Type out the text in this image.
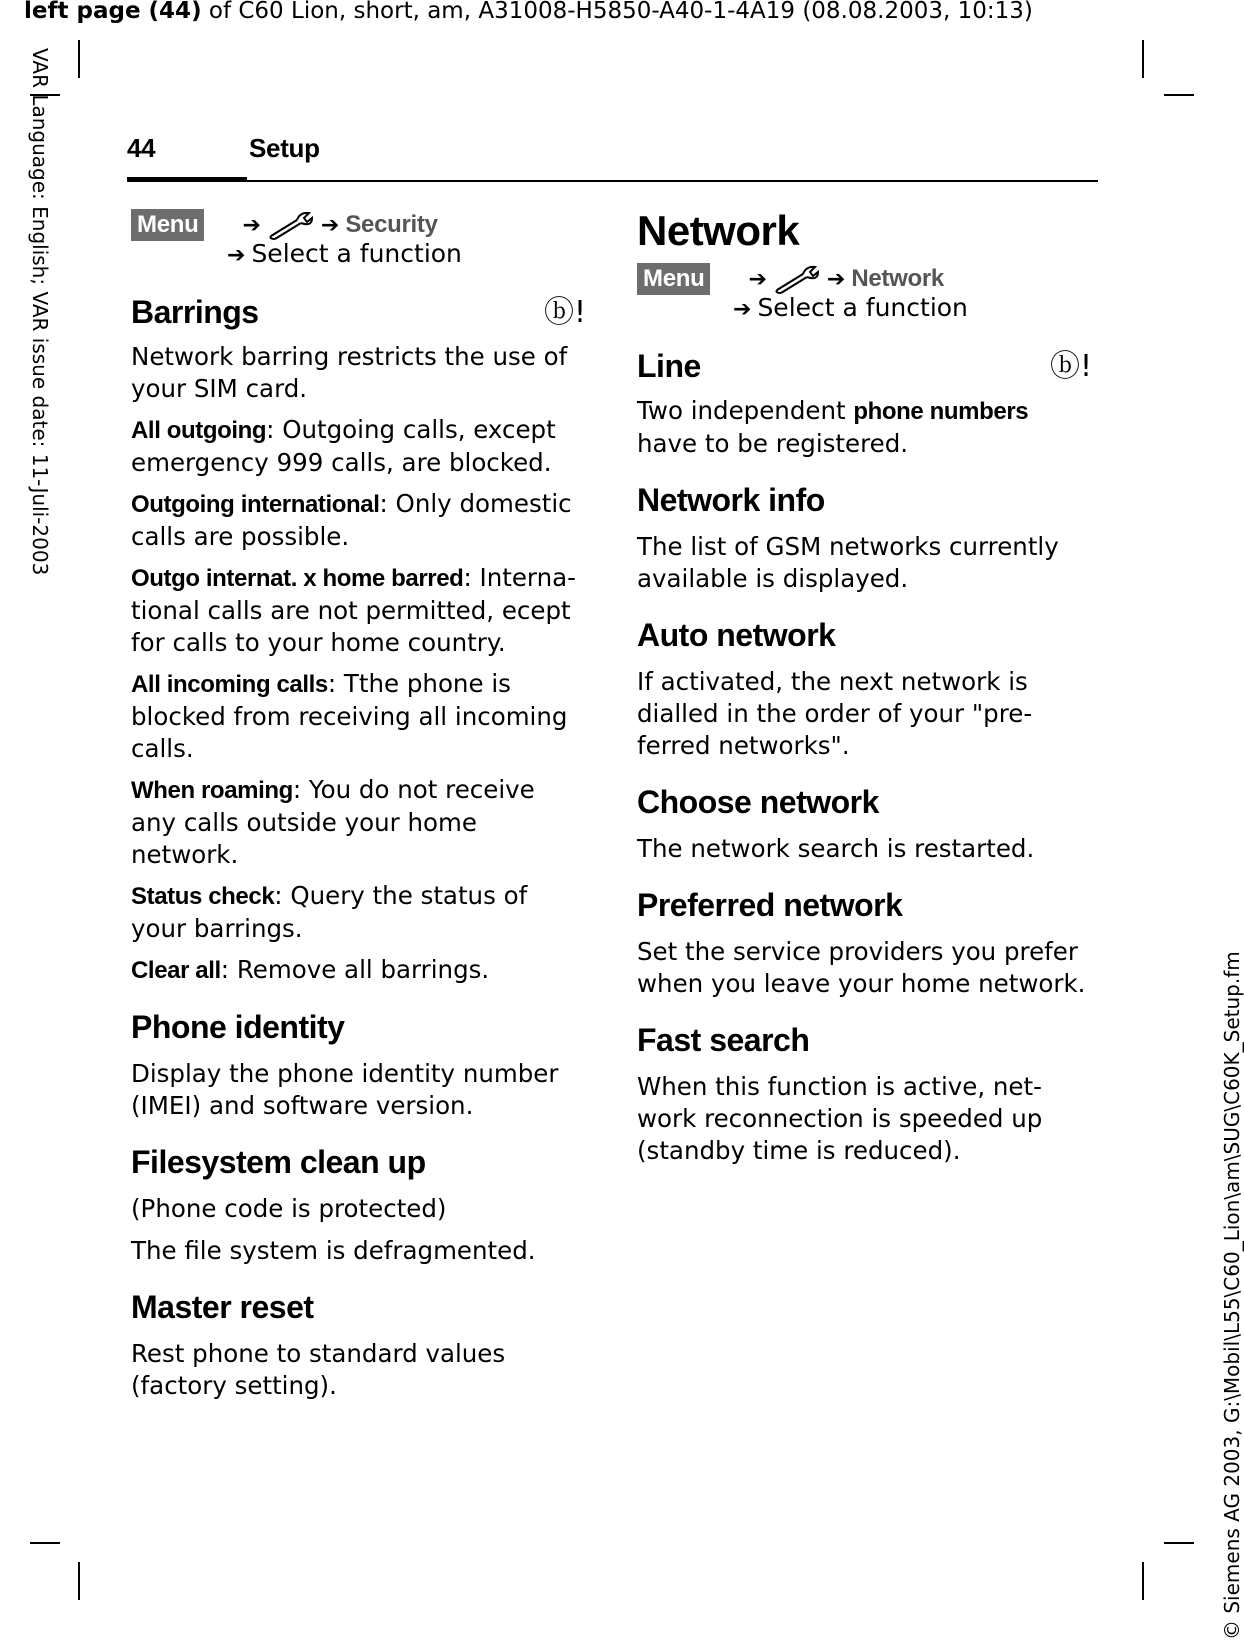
left page (44) of C60 Lion, short, am, A31008-H5850-A40-1-4A19 (08.08.2003, 10:13)
VAR Language: English; VAR issue date: 11-Juli-2003
© Siemens AG 2003, G:\Mobil\L55\C60_Lion\am\SUG\C60K_Setup.fm
44	Setup
Menu ➔	➔ Security
➔ Select a function
Barrings	ⓑ!

Network barring restricts the use of your SIM card.

All outgoing: Outgoing calls, except emergency 999 calls, are blocked.

Outgoing international: Only domestic calls are possible.

Outgo internat. x home barred: Interna-tional calls are not permitted, ecept for calls to your home country.

All incoming calls: Tthe phone is blocked from receiving all incoming calls.

When roaming: You do not receive any calls outside your home network.

Status check: Query the status of your barrings.

Clear all: Remove all barrings.

Phone identity

Display the phone identity number (IMEI) and software version.

Filesystem clean up

(Phone code is protected)

The file system is defragmented.

Master reset

Rest phone to standard values (factory setting).

Network
Menu ➔	➔ Network
➔ Select a function
Line	ⓑ!

Two independent phone numbers have to be registered.

Network info

The list of GSM networks currently available is displayed.

Auto network

If activated, the next network is dialled in the order of your "pre-ferred networks".

Choose network

The network search is restarted.

Preferred network

Set the service providers you prefer when you leave your home network.

Fast search

When this function is active, net-work reconnection is speeded up (standby time is reduced).
